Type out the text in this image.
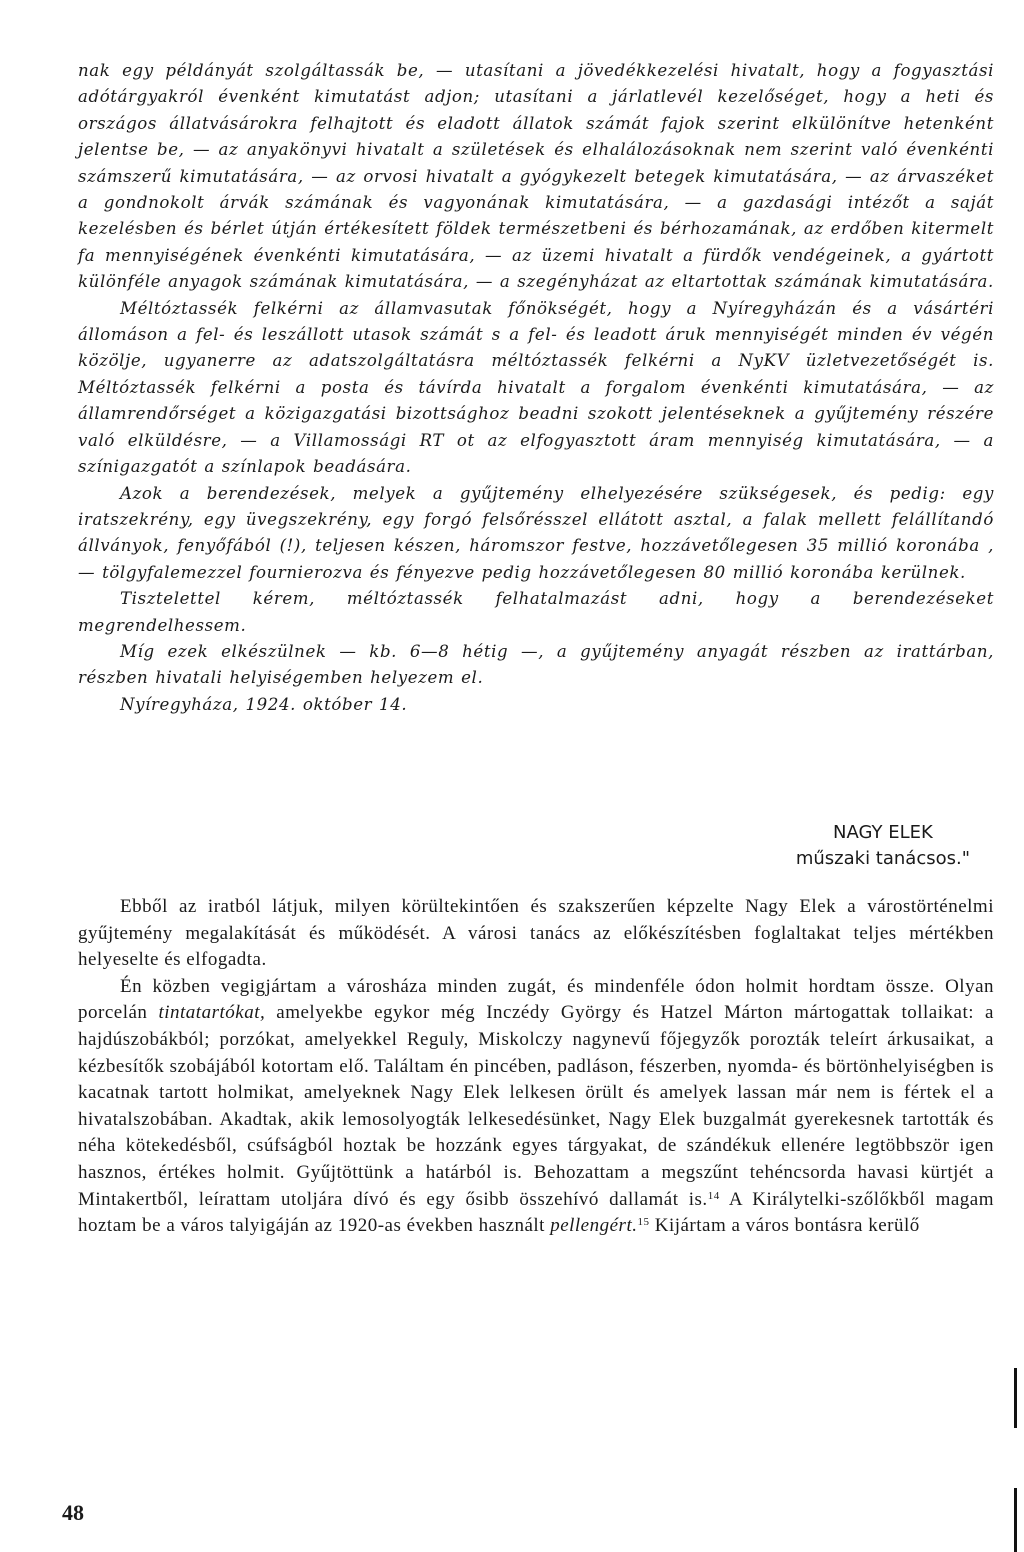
nak egy példányát szolgáltassák be, — utasítani a jövedékkezelési hivatalt, hogy a fogyasztási adótárgyakról évenként kimutatást adjon; utasítani a járlatlevél kezelőséget, hogy a heti és országos állatvásárokra felhajtott és eladott állatok számát fajok szerint elkülönítve hetenként jelentse be, — az anyakönyvi hivatalt a születések és elhalálozásoknak nem szerint való évenkénti számszerű kimutatására, — az orvosi hivatalt a gyógykezelt betegek kimutatására, — az árvaszéket a gondnokolt árvák számának és vagyonának kimutatására, — a gazdasági intézőt a saját kezelésben és bérlet útján értékesített földek természetbeni és bérhozamának, az erdőben kitermelt fa mennyiségének évenkénti kimutatására, — az üzemi hivatalt a fürdők vendégeinek, a gyártott különféle anyagok számának kimutatására, — a szegényházat az eltartottak számának kimutatására.

Méltóztassék felkérni az államvasutak főnökségét, hogy a Nyíregyházán és a vásártéri állomáson a fel- és leszállott utasok számát s a fel- és leadott áruk mennyiségét minden év végén közölje, ugyanerre az adatszolgáltatásra méltóztassék felkérni a NyKV üzletvezetőségét is. Méltóztassék felkérni a posta és távírda hivatalt a forgalom évenkénti kimutatására, — az államrendőrséget a közigazgatási bizottsághoz beadni szokott jelentéseknek a gyűjtemény részére való elküldésre, — a Villamossági RT ot az elfogyasztott áram mennyiség kimutatására, — a színigazgatót a színlapok beadására.

Azok a berendezések, melyek a gyűjtemény elhelyezésére szükségesek, és pedig: egy iratszekrény, egy üvegszekrény, egy forgó felsőrésszel ellátott asztal, a falak mellett felállítandó állványok, fenyőfából (!), teljesen készen, háromszor festve, hozzávetőlegesen 35 millió koronába ,— tölgyfalemezzel fournierozva és fényezve pedig hozzávetőlegesen 80 millió koronába kerülnek.

Tisztelettel kérem, méltóztassék felhatalmazást adni, hogy a berendezéseket megrendelhessem.

Míg ezek elkészülnek — kb. 6—8 hétig —, a gyűjtemény anyagát részben az irattárban, részben hivatali helyiségemben helyezem el.

Nyíregyháza, 1924. október 14.

NAGY ELEK
műszaki tanácsos."

Ebből az iratból látjuk, milyen körültekintően és szakszerűen képzelte Nagy Elek a várostörténelmi gyűjtemény megalakítását és működését. A városi tanács az előkészítésben foglaltakat teljes mértékben helyeselte és elfogadta.

Én közben vegigjártam a városháza minden zugát, és mindenféle ódon holmit hordtam össze. Olyan porcelán tintatartókat, amelyekbe egykor még Inczédy György és Hatzel Márton mártogattak tollaikat: a hajdúszobákból; porzókat, amelyekkel Reguly, Miskolczy nagynevű főjegyzők porozták teleírt árkusaikat, a kézbesítők szobájából kotortam elő. Találtam én pincében, padláson, fészerben, nyomda- és börtönhelyiségben is kacatnak tartott holmikat, amelyeknek Nagy Elek lelkesen örült és amelyek lassan már nem is fértek el a hivatalszobában. Akadtak, akik lemosolyogták lelkesedésünket, Nagy Elek buzgalmát gyerekesnek tartották és néha kötekedésből, csúfságból hoztak be hozzánk egyes tárgyakat, de szándékuk ellenére legtöbbször igen hasznos, értékes holmit. Gyűjtöttünk a határból is. Behozattam a megszűnt tehéncsorda havasi kürtjét a Mintakertből, leírattam utoljára dívó és egy ősibb összehívó dallamát is.$^{14}$ A Királytelki-szőlőkből magam hoztam be a város talyigáján az 1920-as években használt pellengért.$^{15}$ Kijártam a város bontásra kerülő

48
